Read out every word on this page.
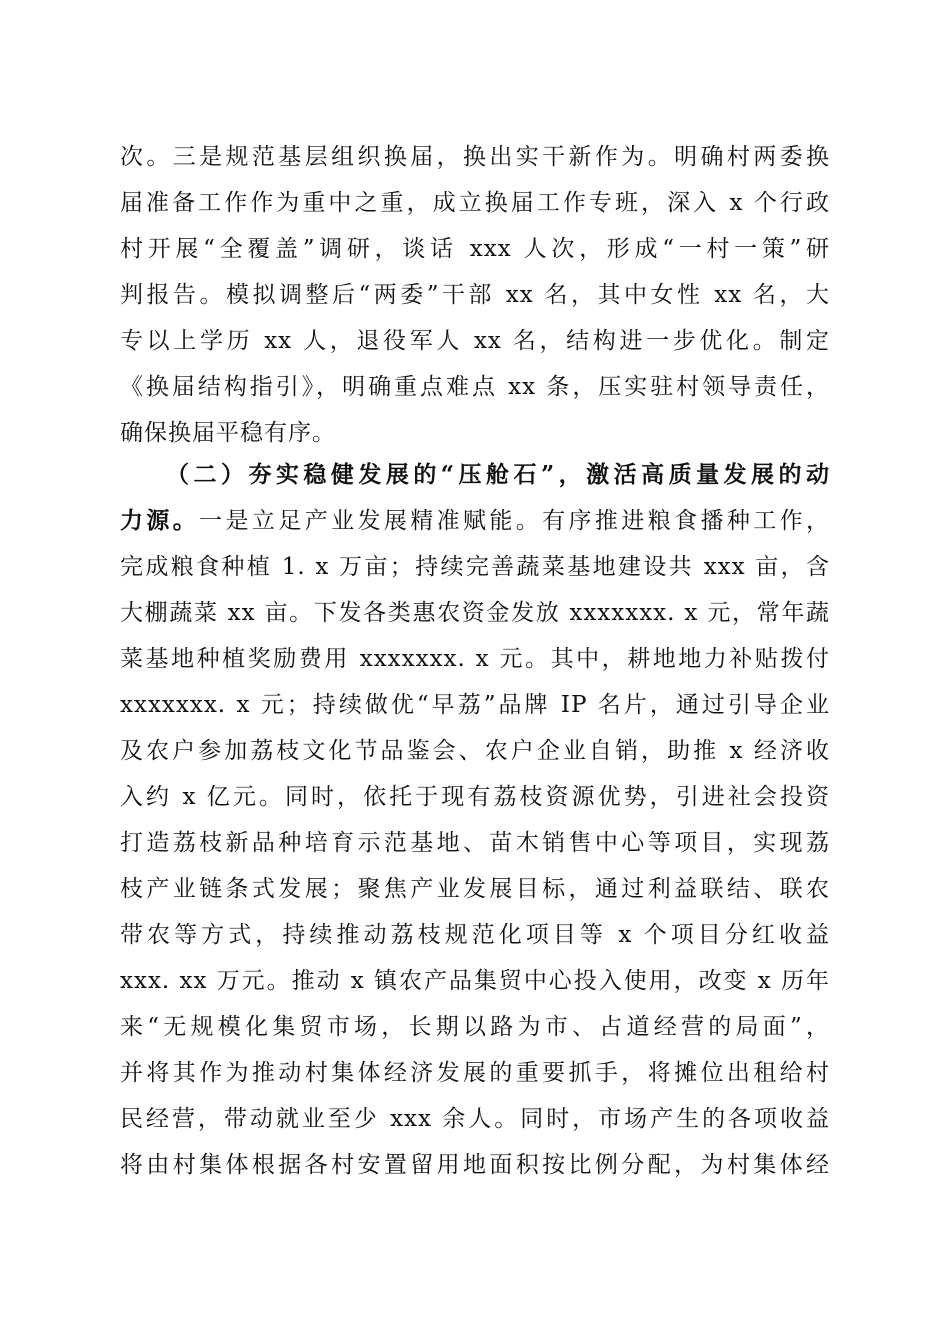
次。三是规范基层组织换届，换出实干新作为。明确村两委换
届准备工作作为重中之重，成立换届工作专班，深入 x 个行政
村开展“全覆盖”调研，谈话 xxx 人次，形成“一村一策”研
判报告。模拟调整后“两委”干部 xx 名，其中女性 xx 名，大
专以上学历 xx 人，退役军人 xx 名，结构进一步优化。制定
《换届结构指引》，明确重点难点 xx 条，压实驻村领导责任，
确保换届平稳有序。
（二）夯实稳健发展的“压舱石”，激活高质量发展的动
力源。一是立足产业发展精准赋能。有序推进粮食播种工作，
完成粮食种植 1. x 万亩；持续完善蔬菜基地建设共 xxx 亩，含
大棚蔬菜 xx 亩。下发各类惠农资金发放 xxxxxxx. x 元，常年蔬
菜基地种植奖励费用 xxxxxxx. x 元。其中，耕地地力补贴拨付
xxxxxxx. x 元；持续做优“早荔”品牌 IP 名片，通过引导企业
及农户参加荔枝文化节品鉴会、农户企业自销，助推 x 经济收
入约 x 亿元。同时，依托于现有荔枝资源优势，引进社会投资
打造荔枝新品种培育示范基地、苗木销售中心等项目，实现荔
枝产业链条式发展；聚焦产业发展目标，通过利益联结、联农
带农等方式，持续推动荔枝规范化项目等 x 个项目分红收益
xxx. xx 万元。推动 x 镇农产品集贸中心投入使用，改变 x 历年
来“无规模化集贸市场，长期以路为市、占道经营的局面”，
并将其作为推动村集体经济发展的重要抓手，将摊位出租给村
民经营，带动就业至少 xxx 余人。同时，市场产生的各项收益
将由村集体根据各村安置留用地面积按比例分配，为村集体经
